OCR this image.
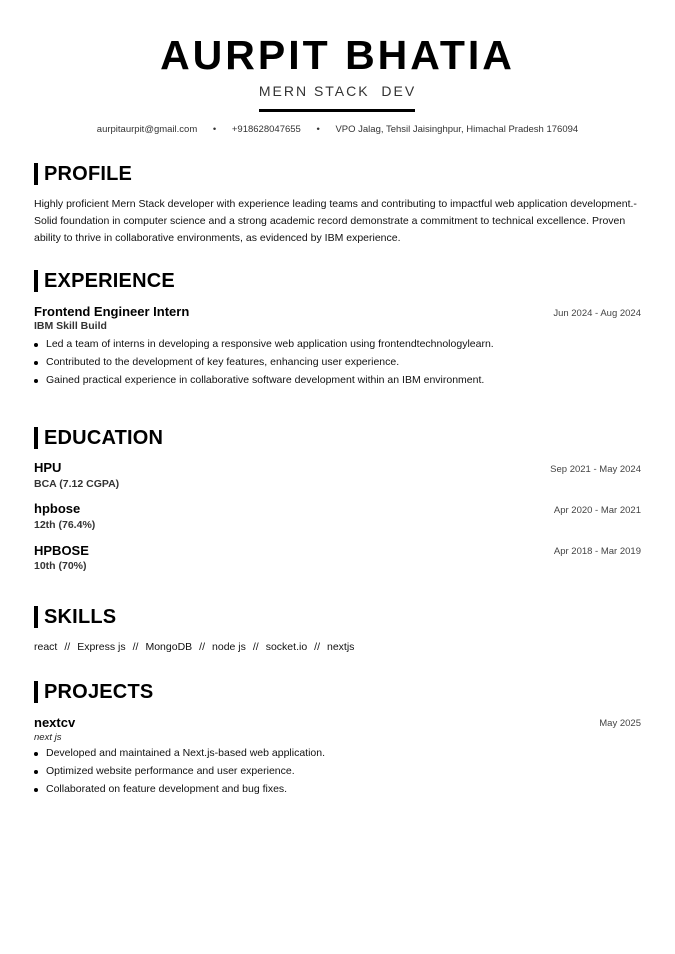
AURPIT BHATIA
MERN STACK  DEV
aurpitaurpit@gmail.com • +918628047655 • VPO Jalag, Tehsil Jaisinghpur, Himachal Pradesh 176094
PROFILE
Highly proficient Mern Stack developer with experience leading teams and contributing to impactful web application development.- Solid foundation in computer science and a strong academic record demonstrate a commitment to technical excellence. Proven ability to thrive in collaborative environments, as evidenced by IBM experience.
EXPERIENCE
Frontend Engineer Intern	Jun 2024 - Aug 2024
IBM Skill Build
Led a team of interns in developing a responsive web application using frontendtechnologylearn.
Contributed to the development of key features, enhancing user experience.
Gained practical experience in collaborative software development within an IBM environment.
EDUCATION
HPU	Sep 2021 - May 2024
BCA (7.12 CGPA)
hpbose	Apr 2020 - Mar 2021
12th (76.4%)
HPBOSE	Apr 2018 - Mar 2019
10th (70%)
SKILLS
react // Express js // MongoDB // node js // socket.io // nextjs
PROJECTS
nextcv	May 2025
next js
Developed and maintained a Next.js-based web application.
Optimized website performance and user experience.
Collaborated on feature development and bug fixes.
